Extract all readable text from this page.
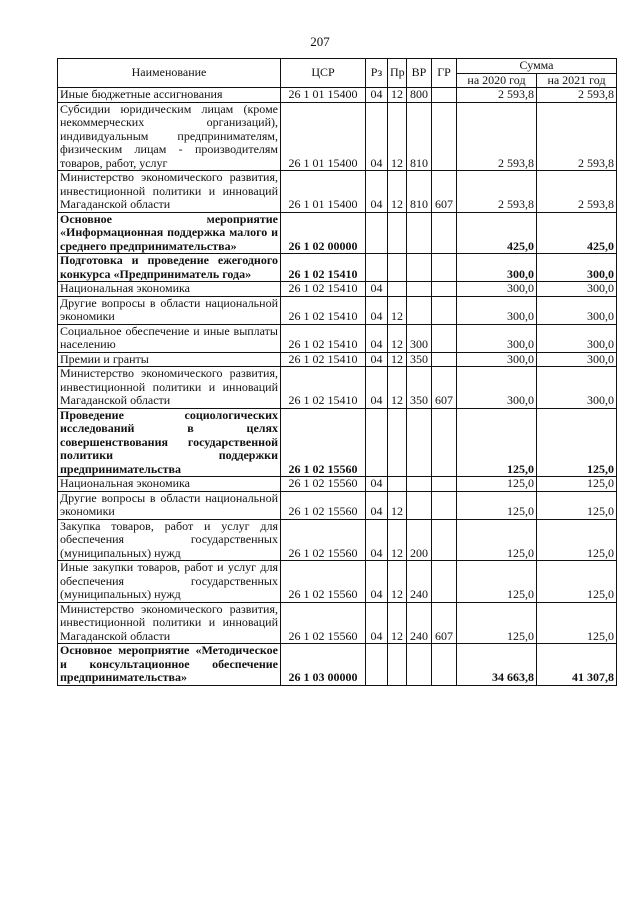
207
Наименование	ЦСР	Рз	Пр	ВР	ГР	Сумма	
						на 2020 год	на 2021 год
Иные бюджетные ассигнования	26 1 01 15400	04	12	800		2 593,8	2 593,8
Субсидии юридическим лицам (кроме некоммерческих организаций), индивидуальным предпринимателям, физическим лицам - производителям товаров, работ, услуг	26 1 01 15400	04	12	810		2 593,8	2 593,8
Министерство экономического развития, инвестиционной политики и инноваций Магаданской области	26 1 01 15400	04	12	810	607	2 593,8	2 593,8
Основное мероприятие «Информационная поддержка малого и среднего предпринимательства»	26 1 02 00000					425,0	425,0
Подготовка и проведение ежегодного конкурса «Предприниматель года»	26 1 02 15410					300,0	300,0
Национальная экономика	26 1 02 15410	04				300,0	300,0
Другие вопросы в области национальной экономики	26 1 02 15410	04	12			300,0	300,0
Социальное обеспечение и иные выплаты населению	26 1 02 15410	04	12	300		300,0	300,0
Премии и гранты	26 1 02 15410	04	12	350		300,0	300,0
Министерство экономического развития, инвестиционной политики и инноваций Магаданской области	26 1 02 15410	04	12	350	607	300,0	300,0
Проведение социологических исследований в целях совершенствования государственной политики поддержки предпринимательства	26 1 02 15560					125,0	125,0
Национальная экономика	26 1 02 15560	04				125,0	125,0
Другие вопросы в области национальной экономики	26 1 02 15560	04	12			125,0	125,0
Закупка товаров, работ и услуг для обеспечения государственных (муниципальных) нужд	26 1 02 15560	04	12	200		125,0	125,0
Иные закупки товаров, работ и услуг для обеспечения государственных (муниципальных) нужд	26 1 02 15560	04	12	240		125,0	125,0
Министерство экономического развития, инвестиционной политики и инноваций Магаданской области	26 1 02 15560	04	12	240	607	125,0	125,0
Основное мероприятие «Методическое и консультационное обеспечение предпринимательства»	26 1 03 00000					34 663,8	41 307,8
